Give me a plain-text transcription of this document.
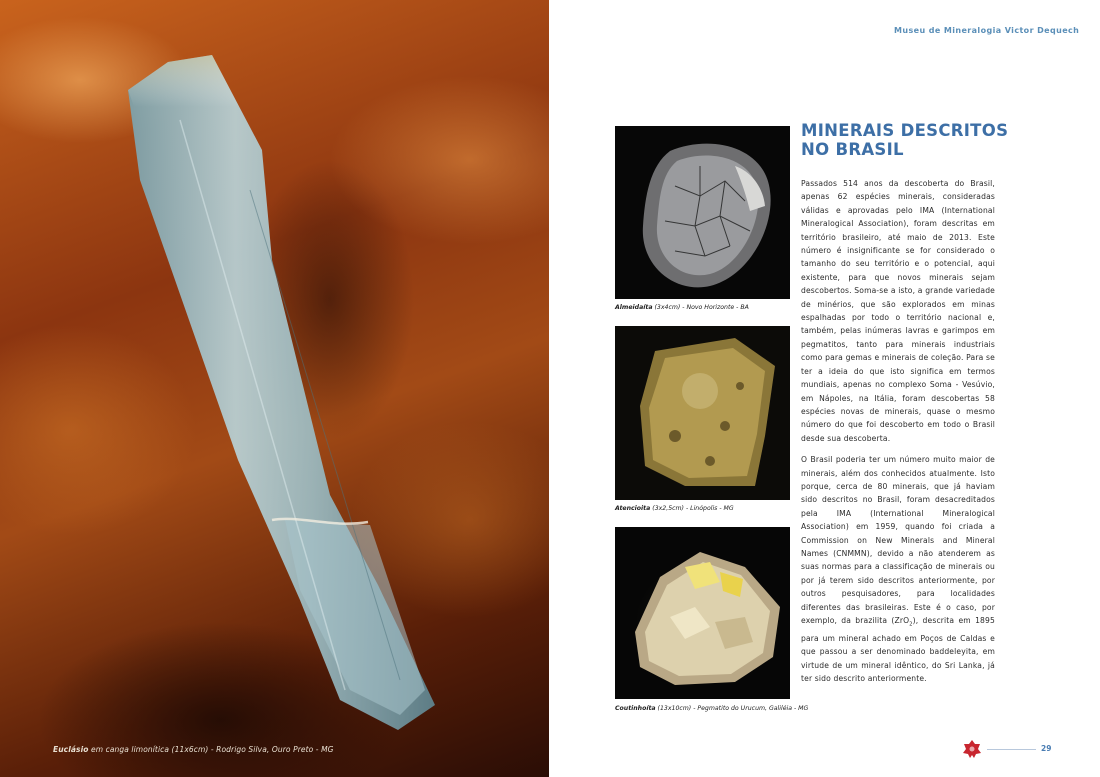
Euclásio em canga limonítica (11x6cm) - Rodrigo Silva, Ouro Preto - MG
Museu de Mineralogia Victor Dequech
Almeidaíta (3x4cm) - Novo Horizonte - BA
Atencioita (3x2,5cm) - Linópolis - MG
Coutinhoíta (13x10cm) - Pegmatito do Urucum, Galiléia - MG
MINERAIS DESCRITOS
NO BRASIL

Passados 514 anos da descoberta do Brasil, apenas 62 espécies minerais, consideradas válidas e aprovadas pelo IMA (International Mineralogical Association), foram descritas em território brasileiro, até maio de 2013. Este número é insignificante se for considerado o tamanho do seu território e o potencial, aqui existente, para que novos minerais sejam descobertos. Soma-se a isto, a grande variedade de minérios, que são explorados em minas espalhadas por todo o território nacional e, também, pelas inúmeras lavras e garimpos em pegmatitos, tanto para minerais industriais como para gemas e minerais de coleção. Para se ter a ideia do que isto significa em termos mundiais, apenas no complexo Soma - Vesúvio, em Nápoles, na Itália, foram descobertas 58 espécies novas de minerais, quase o mesmo número do que foi descoberto em todo o Brasil desde sua descoberta.

O Brasil poderia ter um número muito maior de minerais, além dos conhecidos atualmente. Isto porque, cerca de 80 minerais, que já haviam sido descritos no Brasil, foram desacreditados pela IMA (International Mineralogical Association) em 1959, quando foi criada a Commission on New Minerals and Mineral Names (CNMMN), devido a não atenderem as suas normas para a classificação de minerais ou por já terem sido descritos anteriormente, por outros pesquisadores, para localidades diferentes das brasileiras. Este é o caso, por exemplo, da brazilita (ZrO$_2$), descrita em 1895 para um mineral achado em Poços de Caldas e que passou a ser denominado baddeleyita, em virtude de um mineral idêntico, do Sri Lanka, já ter sido descrito anteriormente.

29
